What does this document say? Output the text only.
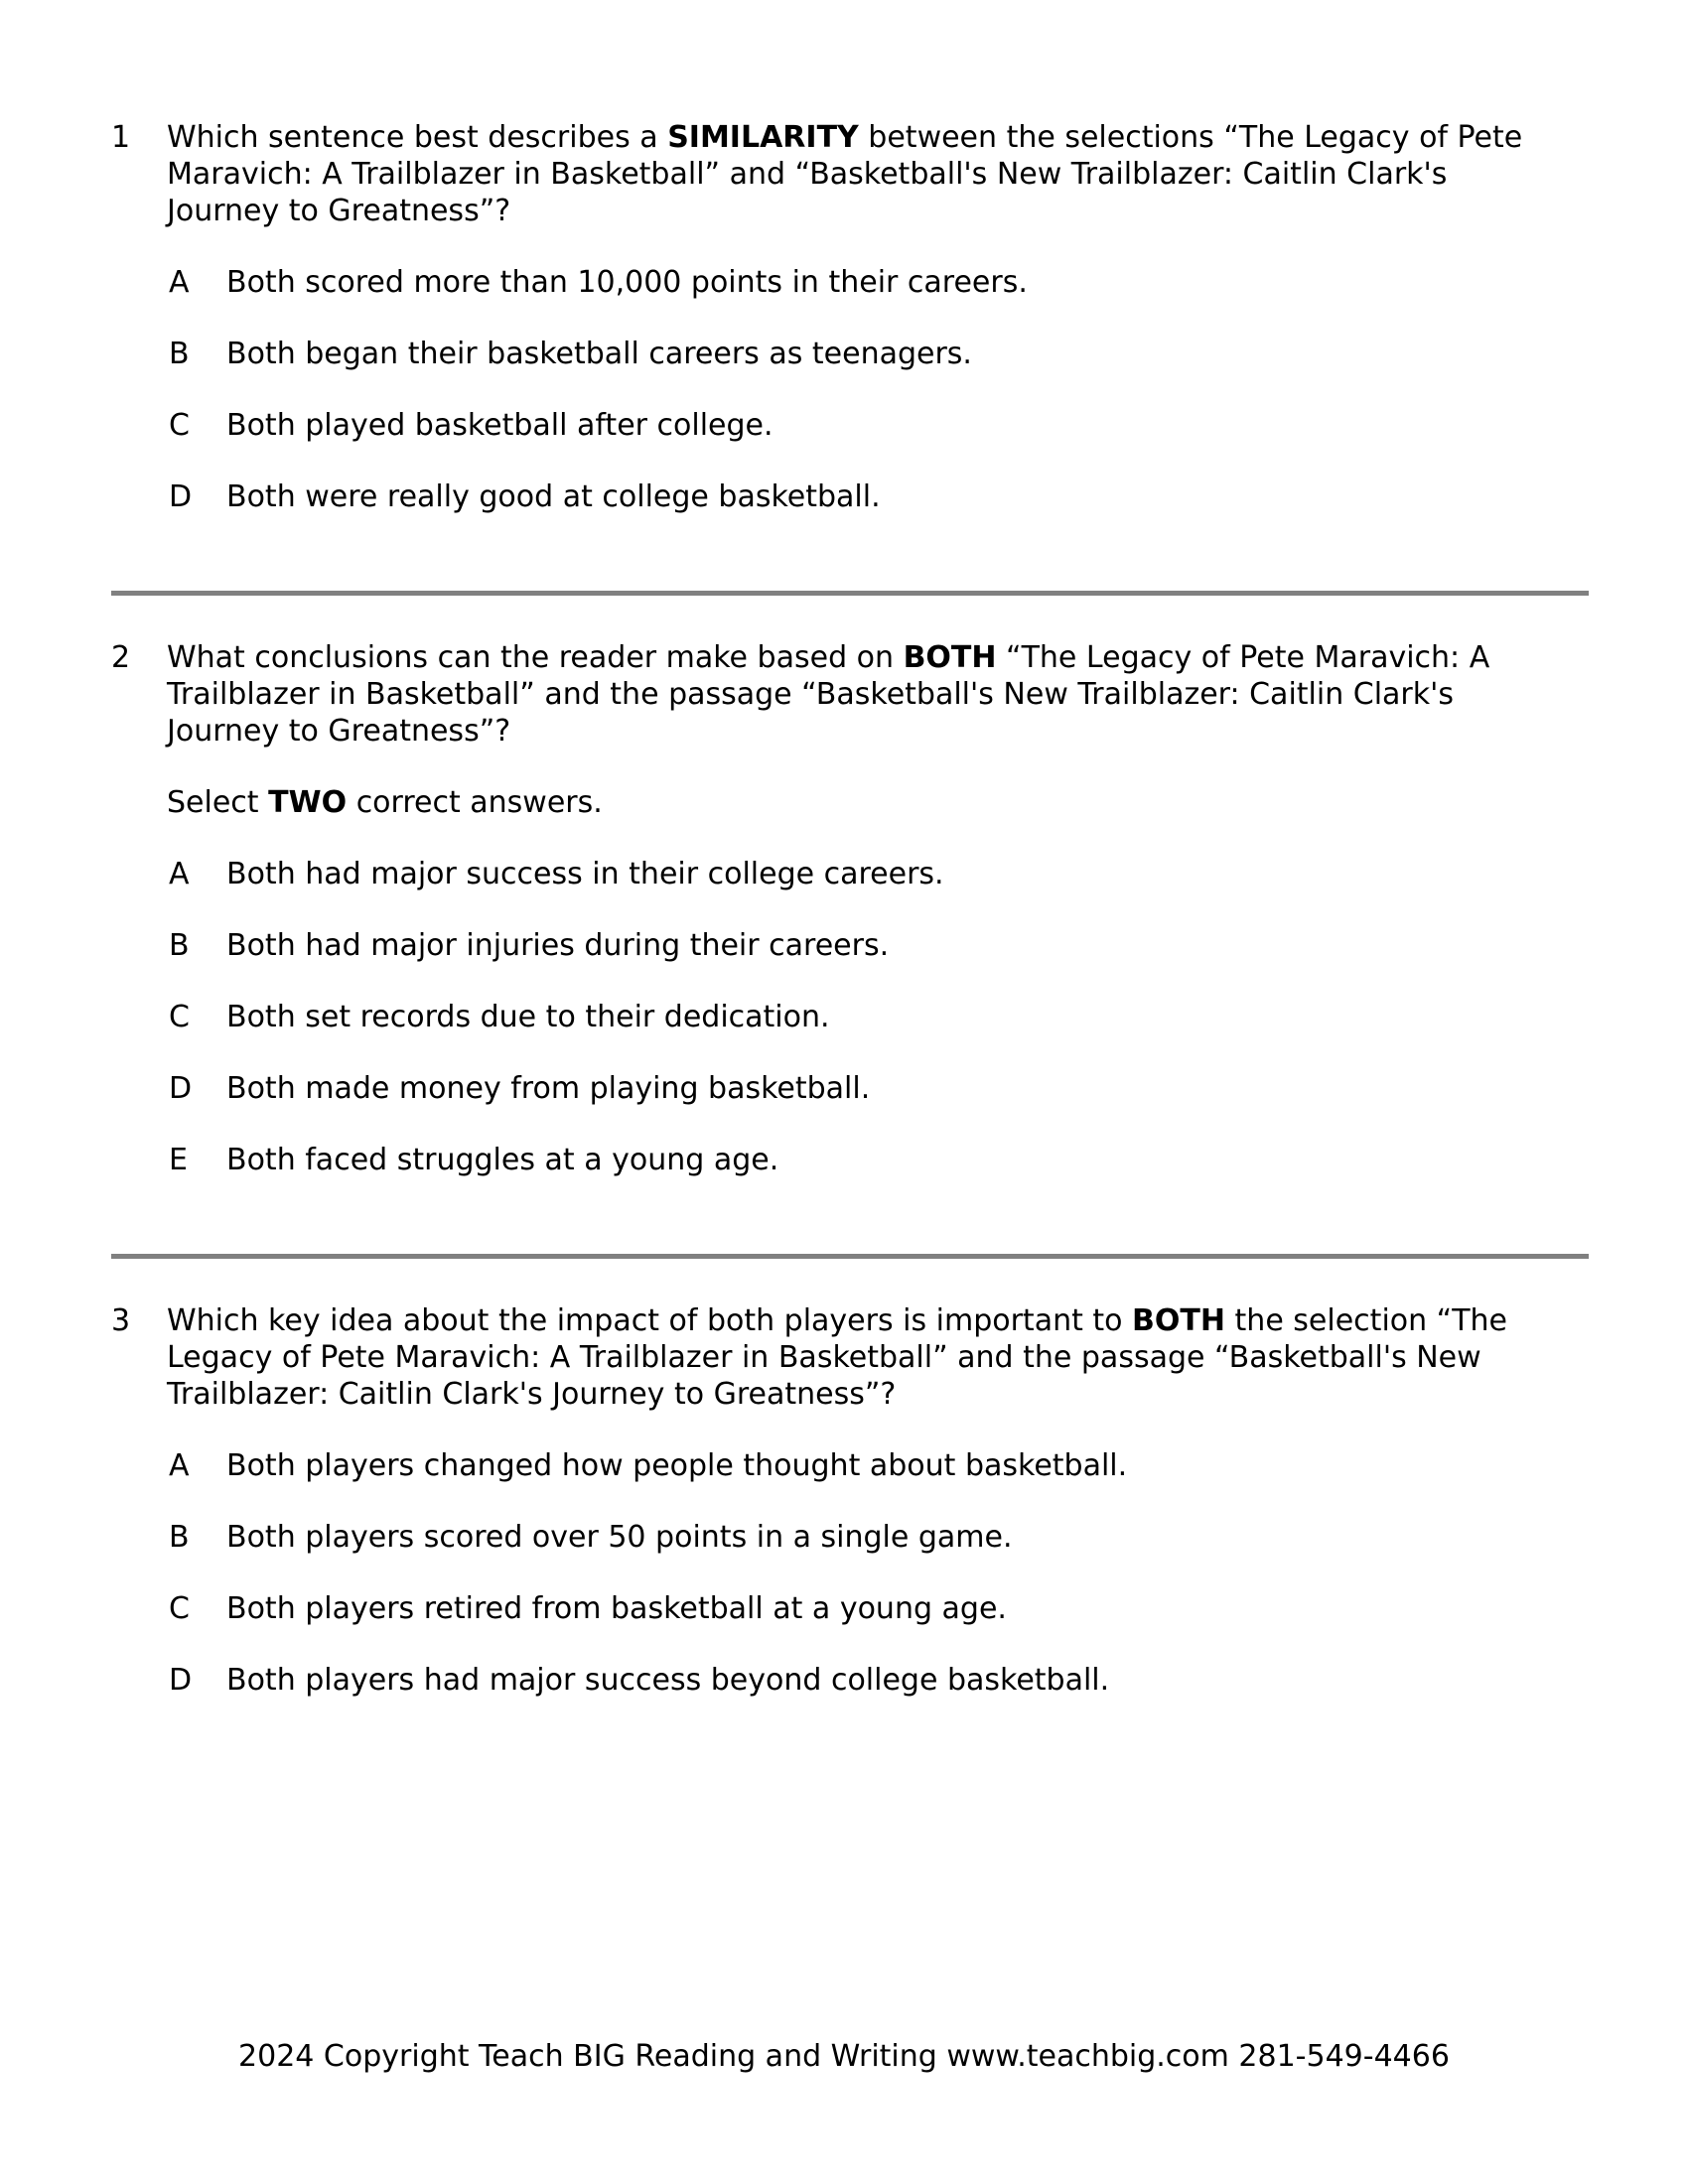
1	Which sentence best describes a SIMILARITY between the selections “The Legacy of Pete Maravich: A Trailblazer in Basketball” and “Basketball's New Trailblazer: Caitlin Clark's Journey to Greatness”?
A	Both scored more than 10,000 points in their careers.
B	Both began their basketball careers as teenagers.
C	Both played basketball after college.
D	Both were really good at college basketball.
2	What conclusions can the reader make based on BOTH “The Legacy of Pete Maravich: A Trailblazer in Basketball” and the passage “Basketball's New Trailblazer: Caitlin Clark's Journey to Greatness”?
Select TWO correct answers.
A	Both had major success in their college careers.
B	Both had major injuries during their careers.
C	Both set records due to their dedication.
D	Both made money from playing basketball.
E	Both faced struggles at a young age.
3	Which key idea about the impact of both players is important to BOTH the selection “The Legacy of Pete Maravich: A Trailblazer in Basketball” and the passage “Basketball's New Trailblazer: Caitlin Clark's Journey to Greatness”?
A	Both players changed how people thought about basketball.
B	Both players scored over 50 points in a single game.
C	Both players retired from basketball at a young age.
D	Both players had major success beyond college basketball.
2024 Copyright Teach BIG Reading and Writing www.teachbig.com 281-549-4466
